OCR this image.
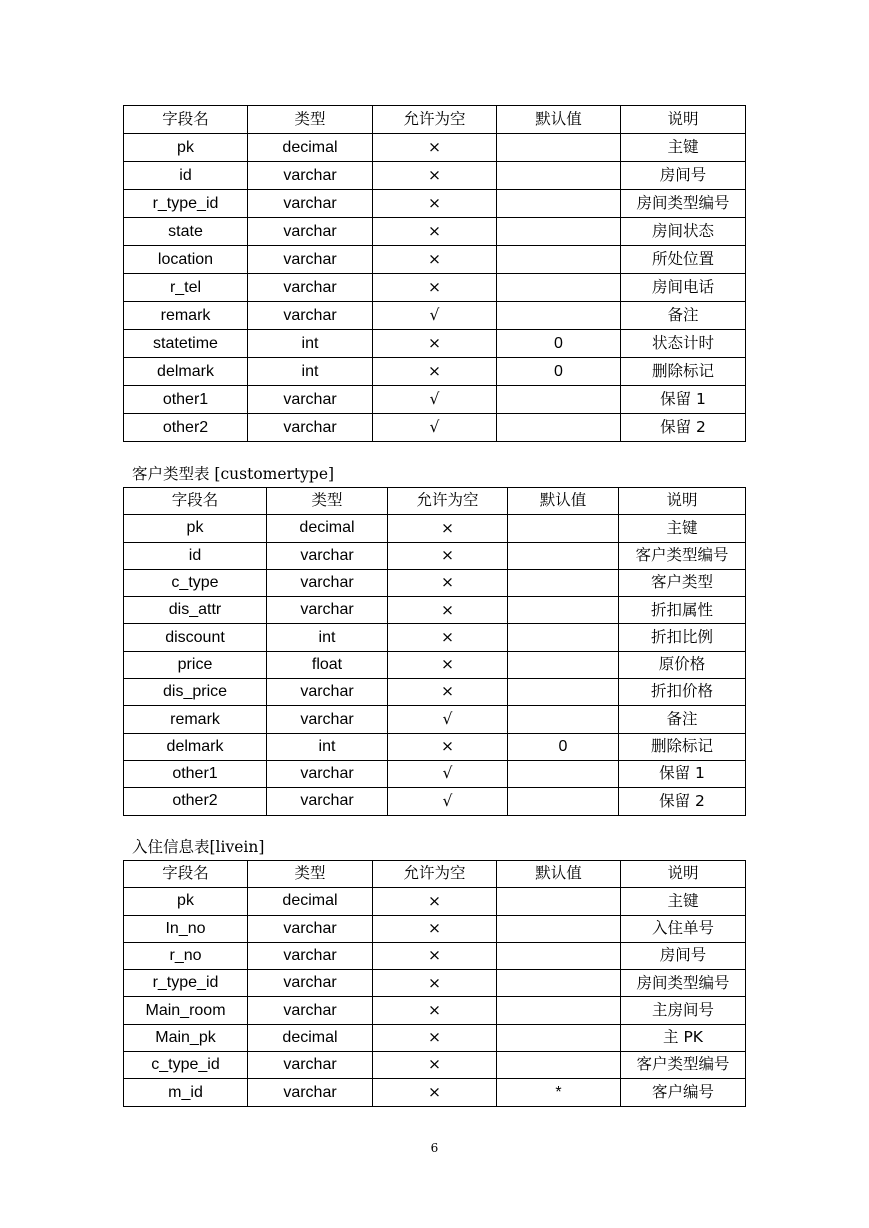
字段名	类型	允许为空	默认值	说明
pk	decimal	×		主键
id	varchar	×		房间号
r_type_id	varchar	×		房间类型编号
state	varchar	×		房间状态
location	varchar	×		所处位置
r_tel	varchar	×		房间电话
remark	varchar	√		备注
statetime	int	×	0	状态计时
delmark	int	×	0	删除标记
other1	varchar	√		保留 1
other2	varchar	√		保留 2
客户类型表 [customertype]
字段名	类型	允许为空	默认值	说明
pk	decimal	×		主键
id	varchar	×		客户类型编号
c_type	varchar	×		客户类型
dis_attr	varchar	×		折扣属性
discount	int	×		折扣比例
price	float	×		原价格
dis_price	varchar	×		折扣价格
remark	varchar	√		备注
delmark	int	×	0	删除标记
other1	varchar	√		保留 1
other2	varchar	√		保留 2
入住信息表[livein]
字段名	类型	允许为空	默认值	说明
pk	decimal	×		主键
In_no	varchar	×		入住单号
r_no	varchar	×		房间号
r_type_id	varchar	×		房间类型编号
Main_room	varchar	×		主房间号
Main_pk	decimal	×		主 PK
c_type_id	varchar	×		客户类型编号
m_id	varchar	×	*	客户编号
6
